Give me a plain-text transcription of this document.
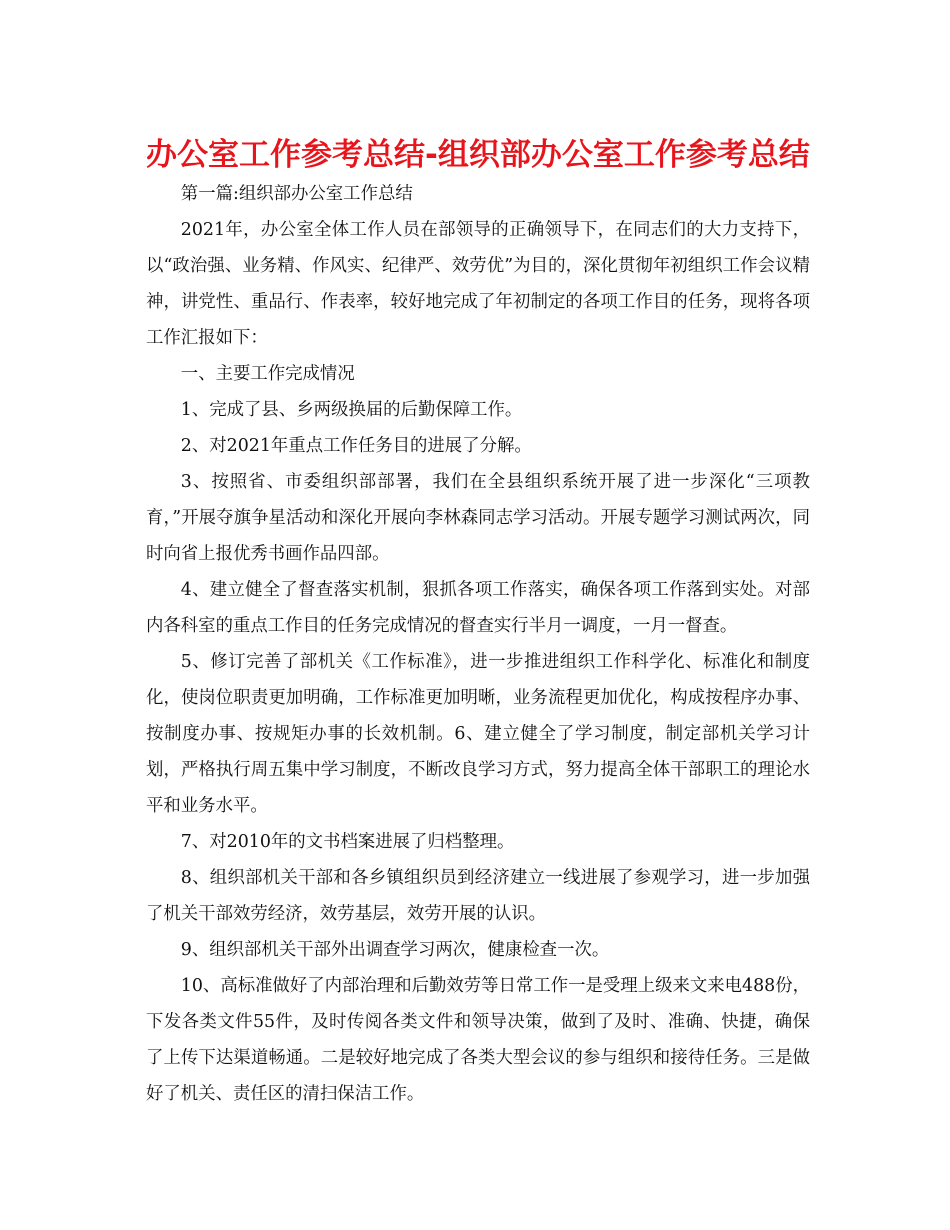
办公室工作参考总结-组织部办公室工作参考总结

第一篇:组织部办公室工作总结

2021年，办公室全体工作人员在部领导的正确领导下，在同志们的大力支持下，以“政治强、业务精、作风实、纪律严、效劳优”为目的，深化贯彻年初组织工作会议精神，讲党性、重品行、作表率，较好地完成了年初制定的各项工作目的任务，现将各项工作汇报如下：

一、主要工作完成情况

1、完成了县、乡两级换届的后勤保障工作。

2、对2021年重点工作任务目的进展了分解。

3、按照省、市委组织部部署，我们在全县组织系统开展了进一步深化“三项教育，”开展夺旗争星活动和深化开展向李林森同志学习活动。开展专题学习测试两次，同时向省上报优秀书画作品四部。

4、建立健全了督查落实机制，狠抓各项工作落实，确保各项工作落到实处。对部内各科室的重点工作目的任务完成情况的督查实行半月一调度，一月一督查。

5、修订完善了部机关《工作标准》，进一步推进组织工作科学化、标准化和制度化，使岗位职责更加明确，工作标准更加明晰，业务流程更加优化，构成按程序办事、按制度办事、按规矩办事的长效机制。6、建立健全了学习制度，制定部机关学习计划，严格执行周五集中学习制度，不断改良学习方式，努力提高全体干部职工的理论水平和业务水平。

7、对2010年的文书档案进展了归档整理。

8、组织部机关干部和各乡镇组织员到经济建立一线进展了参观学习，进一步加强了机关干部效劳经济，效劳基层，效劳开展的认识。

9、组织部机关干部外出调查学习两次，健康检查一次。

10、高标准做好了内部治理和后勤效劳等日常工作一是受理上级来文来电488份，下发各类文件55件，及时传阅各类文件和领导决策，做到了及时、准确、快捷，确保了上传下达渠道畅通。二是较好地完成了各类大型会议的参与组织和接待任务。三是做好了机关、责任区的清扫保洁工作。
